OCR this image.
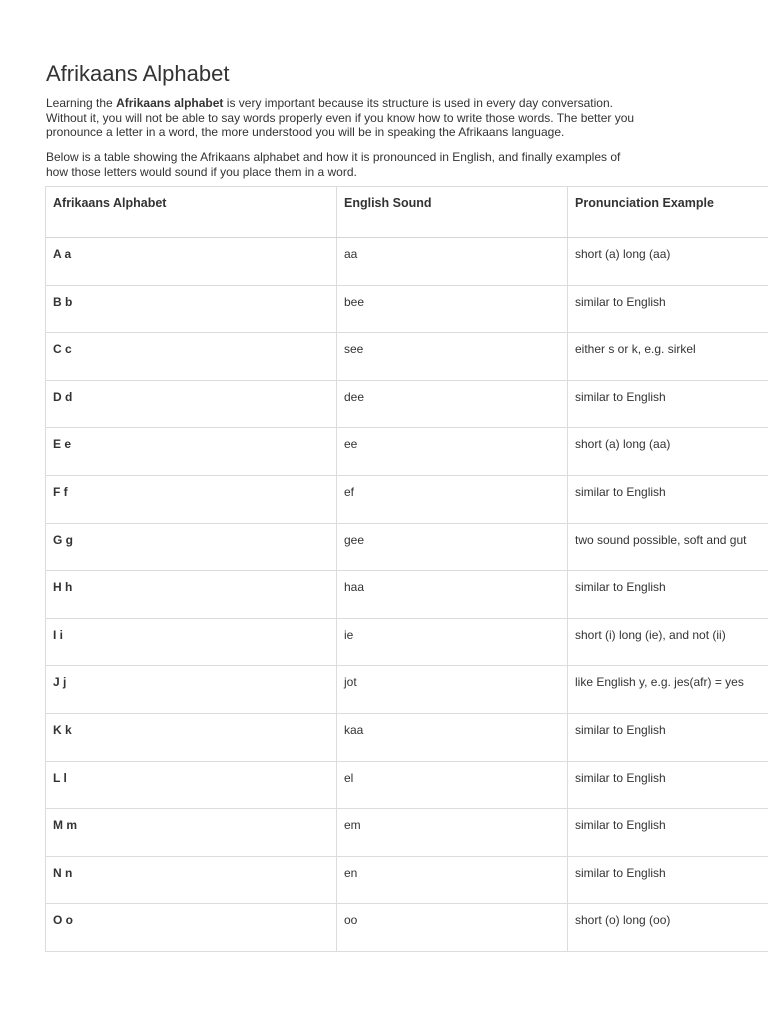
Afrikaans Alphabet

Learning the Afrikaans alphabet is very important because its structure is used in every day conversation.
Without it, you will not be able to say words properly even if you know how to write those words. The better you
pronounce a letter in a word, the more understood you will be in speaking the Afrikaans language.

Below is a table showing the Afrikaans alphabet and how it is pronounced in English, and finally examples of
how those letters would sound if you place them in a word.

Afrikaans Alphabet	English Sound	Pronunciation Example
A a	aa	short (a) long (aa)
B b	bee	similar to English
C c	see	either s or k, e.g. sirkel
D d	dee	similar to English
E e	ee	short (a) long (aa)
F f	ef	similar to English
G g	gee	two sound possible, soft and gut
H h	haa	similar to English
I i	ie	short (i) long (ie), and not (ii)
J j	jot	like English y, e.g. jes(afr) = yes
K k	kaa	similar to English
L l	el	similar to English
M m	em	similar to English
N n	en	similar to English
O o	oo	short (o) long (oo)
